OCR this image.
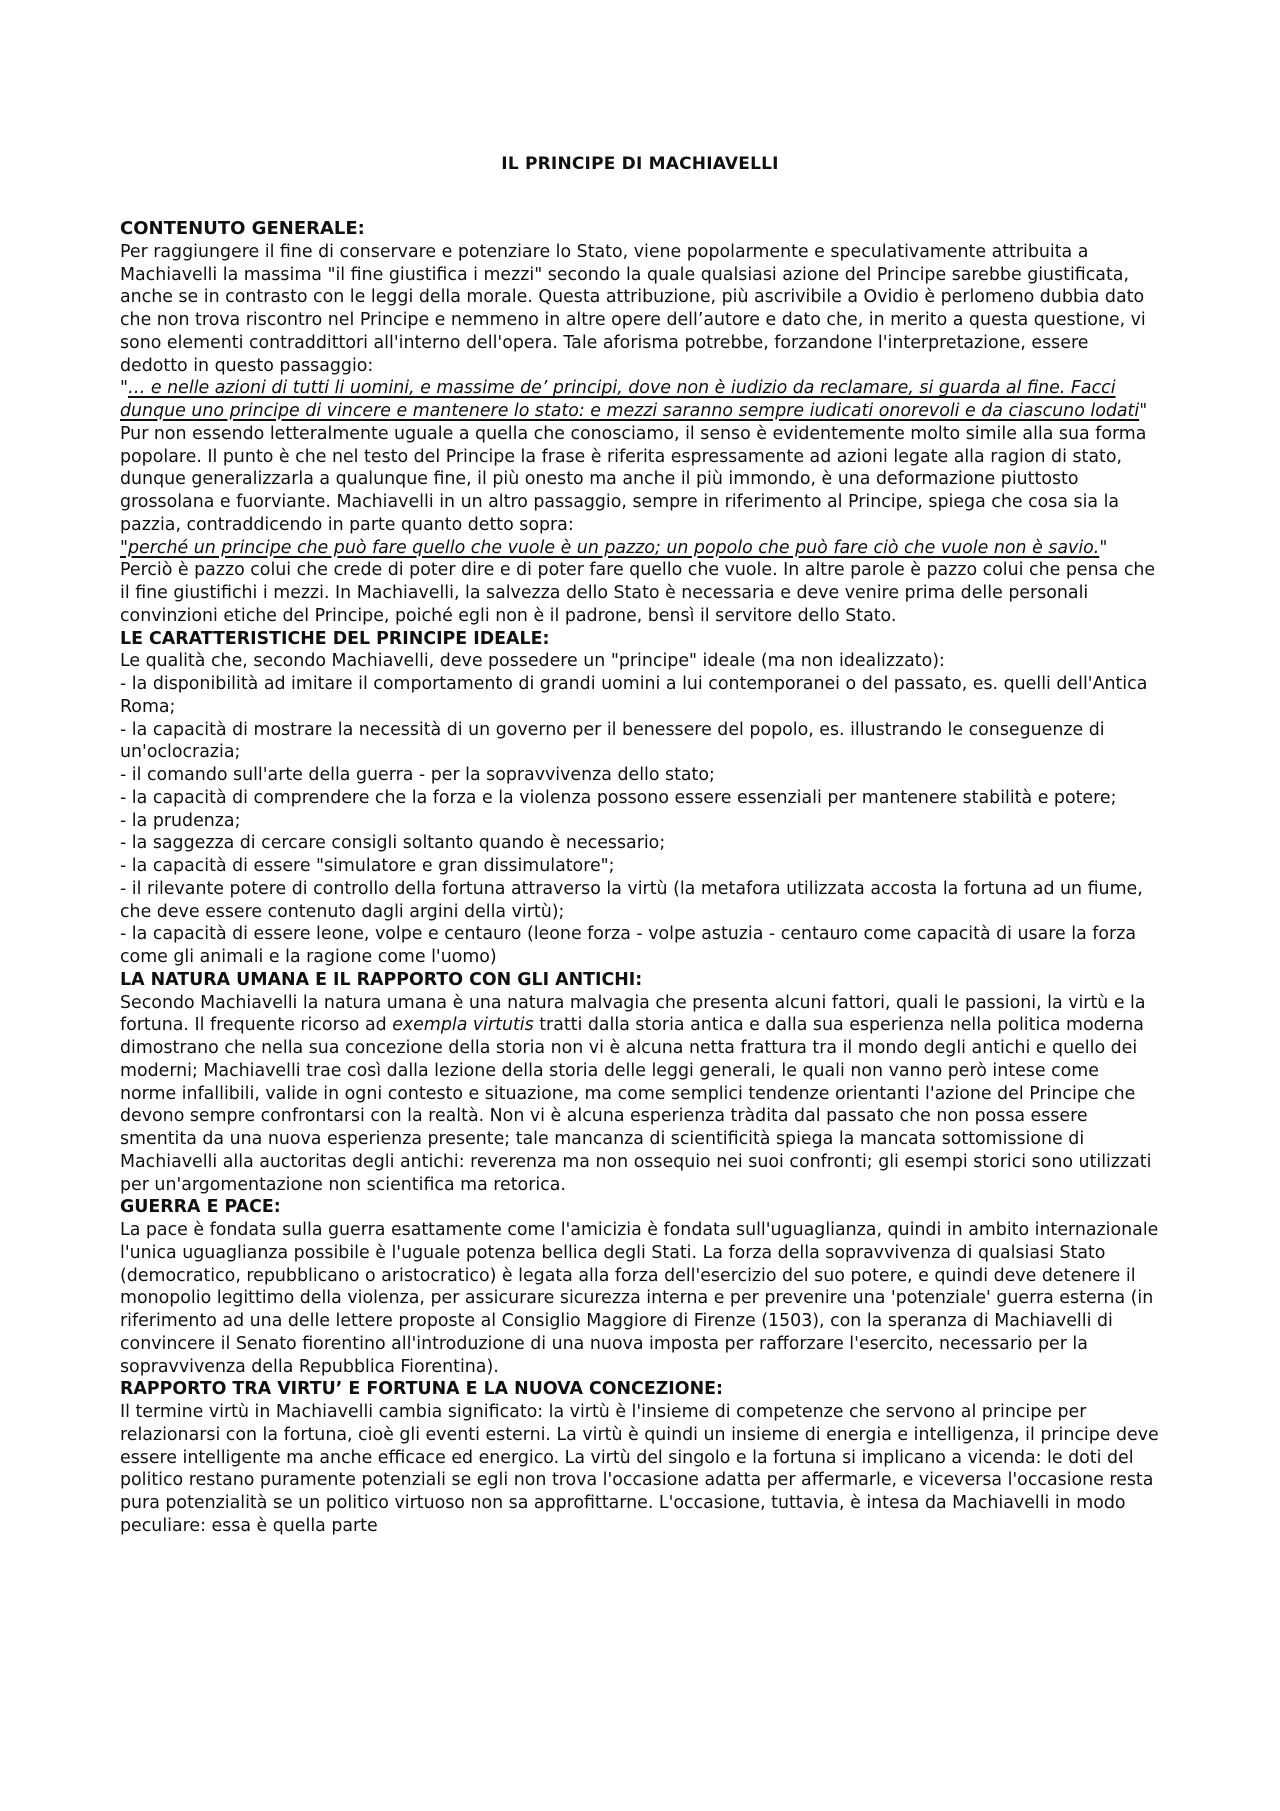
IL PRINCIPE DI MACHIAVELLI
CONTENUTO GENERALE:

Per raggiungere il fine di conservare e potenziare lo Stato, viene popolarmente e speculativamente attribuita a Machiavelli la massima "il fine giustifica i mezzi" secondo la quale qualsiasi azione del Principe sarebbe giustificata, anche se in contrasto con le leggi della morale. Questa attribuzione, più ascrivibile a Ovidio è perlomeno dubbia dato che non trova riscontro nel Principe e nemmeno in altre opere dell’autore e dato che, in merito a questa questione, vi sono elementi contraddittori all'interno dell'opera. Tale aforisma potrebbe, forzandone l'interpretazione, essere dedotto in questo passaggio:

"… e nelle azioni di tutti li uomini, e massime de’ principi, dove non è iudizio da reclamare, si guarda al fine. Facci dunque uno principe di vincere e mantenere lo stato: e mezzi saranno sempre iudicati onorevoli e da ciascuno lodati"

Pur non essendo letteralmente uguale a quella che conosciamo, il senso è evidentemente molto simile alla sua forma popolare. Il punto è che nel testo del Principe la frase è riferita espressamente ad azioni legate alla ragion di stato, dunque generalizzarla a qualunque fine, il più onesto ma anche il più immondo, è una deformazione piuttosto grossolana e fuorviante. Machiavelli in un altro passaggio, sempre in riferimento al Principe, spiega che cosa sia la pazzia, contraddicendo in parte quanto detto sopra:

"perché un principe che può fare quello che vuole è un pazzo; un popolo che può fare ciò che vuole non è savio."

Perciò è pazzo colui che crede di poter dire e di poter fare quello che vuole. In altre parole è pazzo colui che pensa che il fine giustifichi i mezzi. In Machiavelli, la salvezza dello Stato è necessaria e deve venire prima delle personali convinzioni etiche del Principe, poiché egli non è il padrone, bensì il servitore dello Stato.

LE CARATTERISTICHE DEL PRINCIPE IDEALE:

Le qualità che, secondo Machiavelli, deve possedere un "principe" ideale (ma non idealizzato):

- la disponibilità ad imitare il comportamento di grandi uomini a lui contemporanei o del passato, es. quelli dell'Antica Roma;

- la capacità di mostrare la necessità di un governo per il benessere del popolo, es. illustrando le conseguenze di un'oclocrazia;

- il comando sull'arte della guerra - per la sopravvivenza dello stato;

- la capacità di comprendere che la forza e la violenza possono essere essenziali per mantenere stabilità e potere;

- la prudenza;

- la saggezza di cercare consigli soltanto quando è necessario;

- la capacità di essere "simulatore e gran dissimulatore";

- il rilevante potere di controllo della fortuna attraverso la virtù (la metafora utilizzata accosta la fortuna ad un fiume, che deve essere contenuto dagli argini della virtù);

- la capacità di essere leone, volpe e centauro (leone forza - volpe astuzia - centauro come capacità di usare la forza come gli animali e la ragione come l'uomo)

LA NATURA UMANA E IL RAPPORTO CON GLI ANTICHI:

Secondo Machiavelli la natura umana è una natura malvagia che presenta alcuni fattori, quali le passioni, la virtù e la fortuna. Il frequente ricorso ad exempla virtutis tratti dalla storia antica e dalla sua esperienza nella politica moderna dimostrano che nella sua concezione della storia non vi è alcuna netta frattura tra il mondo degli antichi e quello dei moderni; Machiavelli trae così dalla lezione della storia delle leggi generali, le quali non vanno però intese come norme infallibili, valide in ogni contesto e situazione, ma come semplici tendenze orientanti l'azione del Principe che devono sempre confrontarsi con la realtà. Non vi è alcuna esperienza tràdita dal passato che non possa essere smentita da una nuova esperienza presente; tale mancanza di scientificità spiega la mancata sottomissione di Machiavelli alla auctoritas degli antichi: reverenza ma non ossequio nei suoi confronti; gli esempi storici sono utilizzati per un'argomentazione non scientifica ma retorica.

GUERRA E PACE:

La pace è fondata sulla guerra esattamente come l'amicizia è fondata sull'uguaglianza, quindi in ambito internazionale l'unica uguaglianza possibile è l'uguale potenza bellica degli Stati. La forza della sopravvivenza di qualsiasi Stato (democratico, repubblicano o aristocratico) è legata alla forza dell'esercizio del suo potere, e quindi deve detenere il monopolio legittimo della violenza, per assicurare sicurezza interna e per prevenire una 'potenziale' guerra esterna (in riferimento ad una delle lettere proposte al Consiglio Maggiore di Firenze (1503), con la speranza di Machiavelli di convincere il Senato fiorentino all'introduzione di una nuova imposta per rafforzare l'esercito, necessario per la sopravvivenza della Repubblica Fiorentina).

RAPPORTO TRA VIRTU’ E FORTUNA E LA NUOVA CONCEZIONE:

Il termine virtù in Machiavelli cambia significato: la virtù è l'insieme di competenze che servono al principe per relazionarsi con la fortuna, cioè gli eventi esterni. La virtù è quindi un insieme di energia e intelligenza, il principe deve essere intelligente ma anche efficace ed energico. La virtù del singolo e la fortuna si implicano a vicenda: le doti del politico restano puramente potenziali se egli non trova l'occasione adatta per affermarle, e viceversa l'occasione resta pura potenzialità se un politico virtuoso non sa approfittarne. L'occasione, tuttavia, è intesa da Machiavelli in modo peculiare: essa è quella parte
